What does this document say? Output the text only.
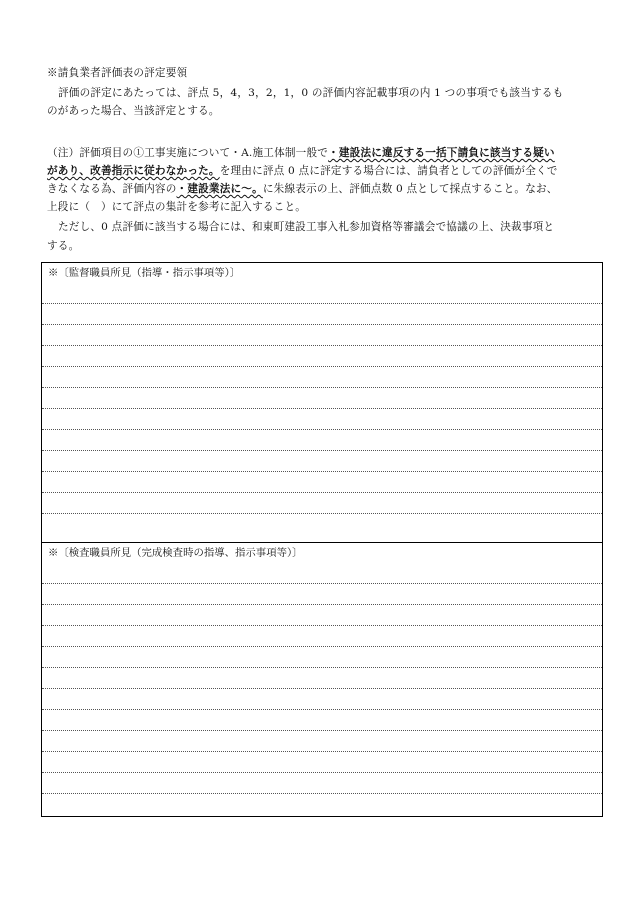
※請負業者評価表の評定要領
評価の評定にあたっては、評点 5，4，3，2，1，0 の評価内容記載事項の内 1 つの事項でも該当するも
のがあった場合、当該評定とする。
（注）評価項目の①工事実施について・A.施工体制一般で・建設法に違反する一括下請負に該当する疑い
があり、改善指示に従わなかった。を理由に評点 0 点に評定する場合には、請負者としての評価が全くで
きなくなる為、評価内容の・建設業法に～。に朱線表示の上、評価点数 0 点として採点すること。なお、
上段に（　）にて評点の集計を参考に記入すること。
ただし、0 点評価に該当する場合には、和東町建設工事入札参加資格等審議会で協議の上、決裁事項と
する。
※〔監督職員所見（指導・指示事項等）〕
※〔検査職員所見（完成検査時の指導、指示事項等）〕
